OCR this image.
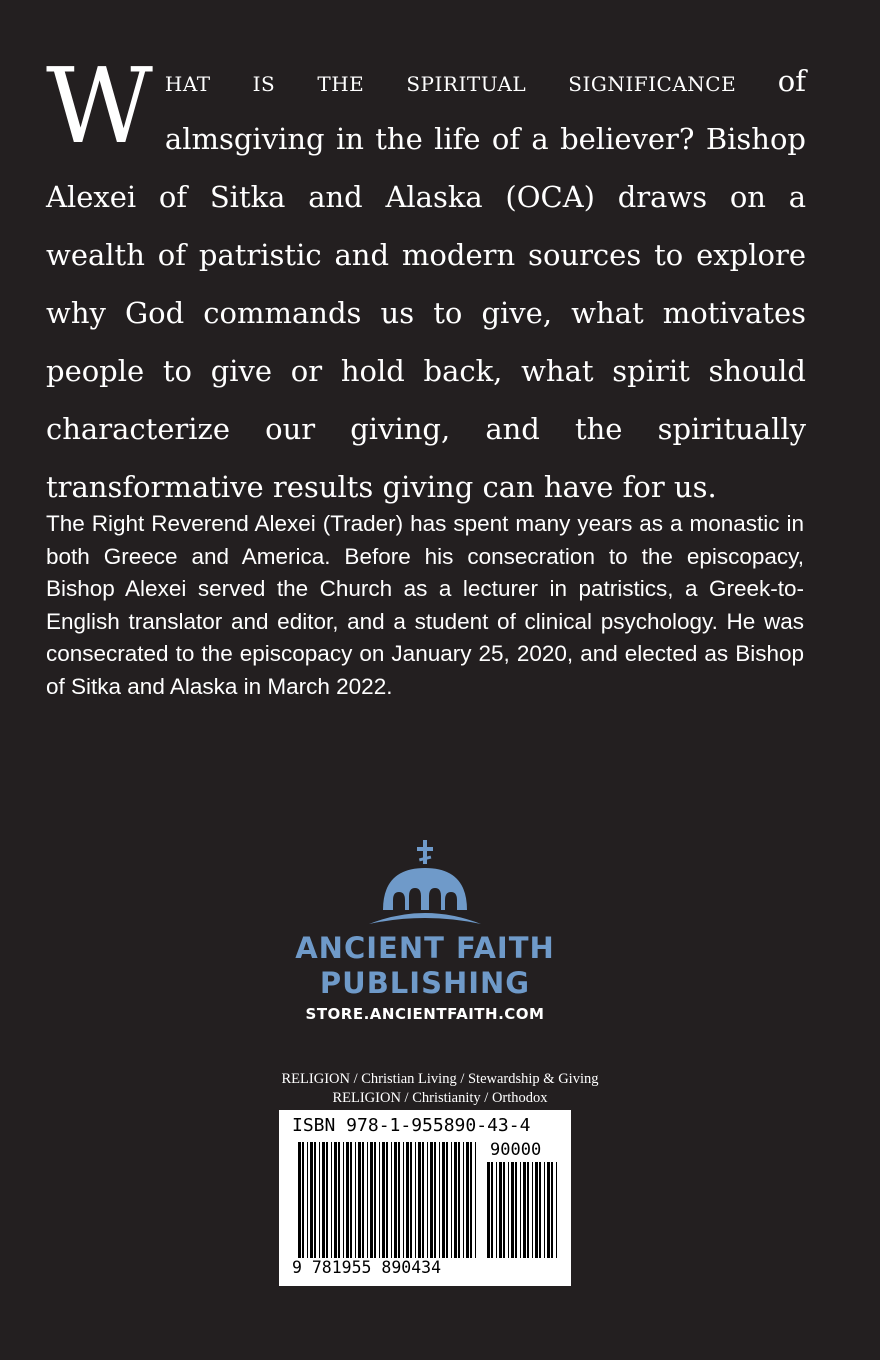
What is the spiritual significance of almsgiving in the life of a believer? Bishop Alexei of Sitka and Alaska (OCA) draws on a wealth of patristic and modern sources to explore why God commands us to give, what motivates people to give or hold back, what spirit should characterize our giving, and the spiritually transformative results giving can have for us.

The Right Reverend Alexei (Trader) has spent many years as a monastic in both Greece and America. Before his consecration to the episcopacy, Bishop Alexei served the Church as a lecturer in patristics, a Greek-to-English translator and editor, and a student of clinical psychology. He was consecrated to the episcopacy on January 25, 2020, and elected as Bishop of Sitka and Alaska in March 2022.

ANCIENT FAITH
PUBLISHING
STORE.ANCIENTFAITH.COM
RELIGION / Christian Living / Stewardship & Giving
RELIGION / Christianity / Orthodox
ISBN 978-1-955890-43-4
90000
9 781955 890434
